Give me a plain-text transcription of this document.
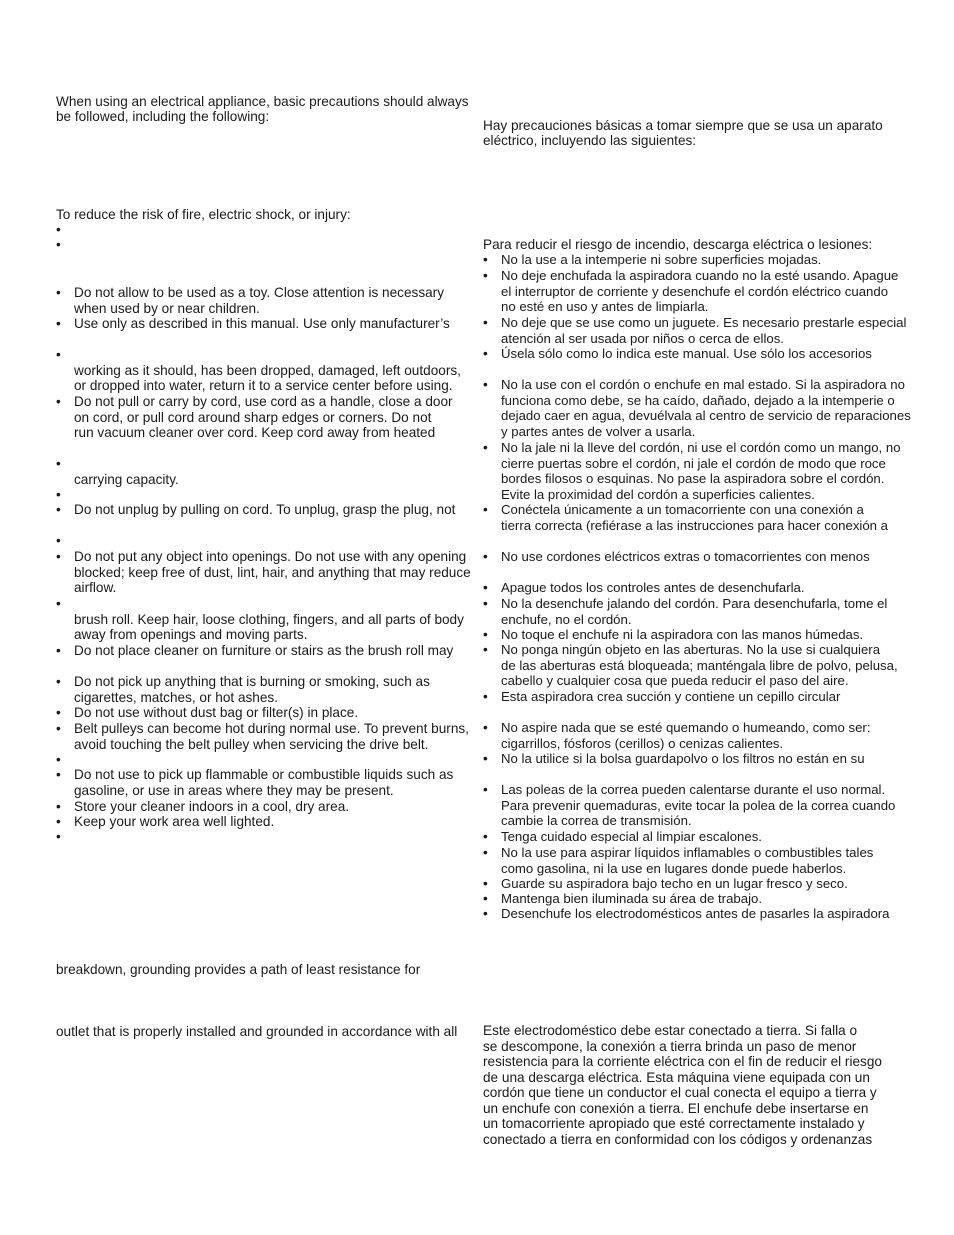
When using an electrical appliance, basic precautions should always

be followed, including the following:

To reduce the risk of fire, electric shock, or injury:

•

•

• Do not allow to be used as a toy. Close attention is necessary
when used by or near children.
• Use only as described in this manual. Use only manufacturer’s
•

working as it should, has been dropped, damaged, left outdoors,
or dropped into water, return it to a service center before using.
• Do not pull or carry by cord, use cord as a handle, close a door
on cord, or pull cord around sharp edges or corners. Do not
run vacuum cleaner over cord. Keep cord away from heated
•

carrying capacity.
•

• Do not unplug by pulling on cord. To unplug, grasp the plug, not
•

• Do not put any object into openings. Do not use with any opening
blocked; keep free of dust, lint, hair, and anything that may reduce
airflow.
•

brush roll. Keep hair, loose clothing, fingers, and all parts of body
away from openings and moving parts.
• Do not place cleaner on furniture or stairs as the brush roll may
• Do not pick up anything that is burning or smoking, such as
cigarettes, matches, or hot ashes.
• Do not use without dust bag or filter(s) in place.
• Belt pulleys can become hot during normal use. To prevent burns,
avoid touching the belt pulley when servicing the drive belt.
•

• Do not use to pick up flammable or combustible liquids such as
gasoline, or use in areas where they may be present.
• Store your cleaner indoors in a cool, dry area.
• Keep your work area well lighted.
•

breakdown, grounding provides a path of least resistance for

outlet that is properly installed and grounded in accordance with all

Hay precauciones básicas a tomar siempre que se usa un aparato

eléctrico, incluyendo las siguientes:

Para reducir el riesgo de incendio, descarga eléctrica o lesiones:

• No la use a la intemperie ni sobre superficies mojadas.
• No deje enchufada la aspiradora cuando no la esté usando. Apague
el interruptor de corriente y desenchufe el cordón eléctrico cuando
no esté en uso y antes de limpiarla.
• No deje que se use como un juguete. Es necesario prestarle especial
atención al ser usada por niños o cerca de ellos.
• Úsela sólo como lo indica este manual. Use sólo los accesorios
• No la use con el cordón o enchufe en mal estado. Si la aspiradora no
funciona como debe, se ha caído, dañado, dejado a la intemperie o
dejado caer en agua, devuélvala al centro de servicio de reparaciones
y partes antes de volver a usarla.
• No la jale ni la lleve del cordón, ni use el cordón como un mango, no
cierre puertas sobre el cordón, ni jale el cordón de modo que roce
bordes filosos o esquinas. No pase la aspiradora sobre el cordón.
Evite la proximidad del cordón a superficies calientes.
• Conéctela únicamente a un tomacorriente con una conexión a
tierra correcta (refiérase a las instrucciones para hacer conexión a
• No use cordones eléctricos extras o tomacorrientes con menos
• Apague todos los controles antes de desenchufarla.
• No la desenchufe jalando del cordón. Para desenchufarla, tome el
enchufe, no el cordón.
• No toque el enchufe ni la aspiradora con las manos húmedas.
• No ponga ningún objeto en las aberturas. No la use si cualquiera
de las aberturas está bloqueada; manténgala libre de polvo, pelusa,
cabello y cualquier cosa que pueda reducir el paso del aire.
• Esta aspiradora crea succión y contiene un cepillo circular
• No aspire nada que se esté quemando o humeando, como ser:
cigarrillos, fósforos (cerillos) o cenizas calientes.
• No la utilice si la bolsa guardapolvo o los filtros no están en su
• Las poleas de la correa pueden calentarse durante el uso normal.
Para prevenir quemaduras, evite tocar la polea de la correa cuando
cambie la correa de transmisión.
• Tenga cuidado especial al limpiar escalones.
• No la use para aspirar líquidos inflamables o combustibles tales
como gasolina, ni la use en lugares donde puede haberlos.
• Guarde su aspiradora bajo techo en un lugar fresco y seco.
• Mantenga bien iluminada su área de trabajo.
• Desenchufe los electrodomésticos antes de pasarles la aspiradora

Este electrodoméstico debe estar conectado a tierra. Si falla o

se descompone, la conexión a tierra brinda un paso de menor

resistencia para la corriente eléctrica con el fin de reducir el riesgo

de una descarga eléctrica. Esta máquina viene equipada con un

cordón que tiene un conductor el cual conecta el equipo a tierra y

un enchufe con conexión a tierra. El enchufe debe insertarse en

un tomacorriente apropiado que esté correctamente instalado y

conectado a tierra en conformidad con los códigos y ordenanzas
